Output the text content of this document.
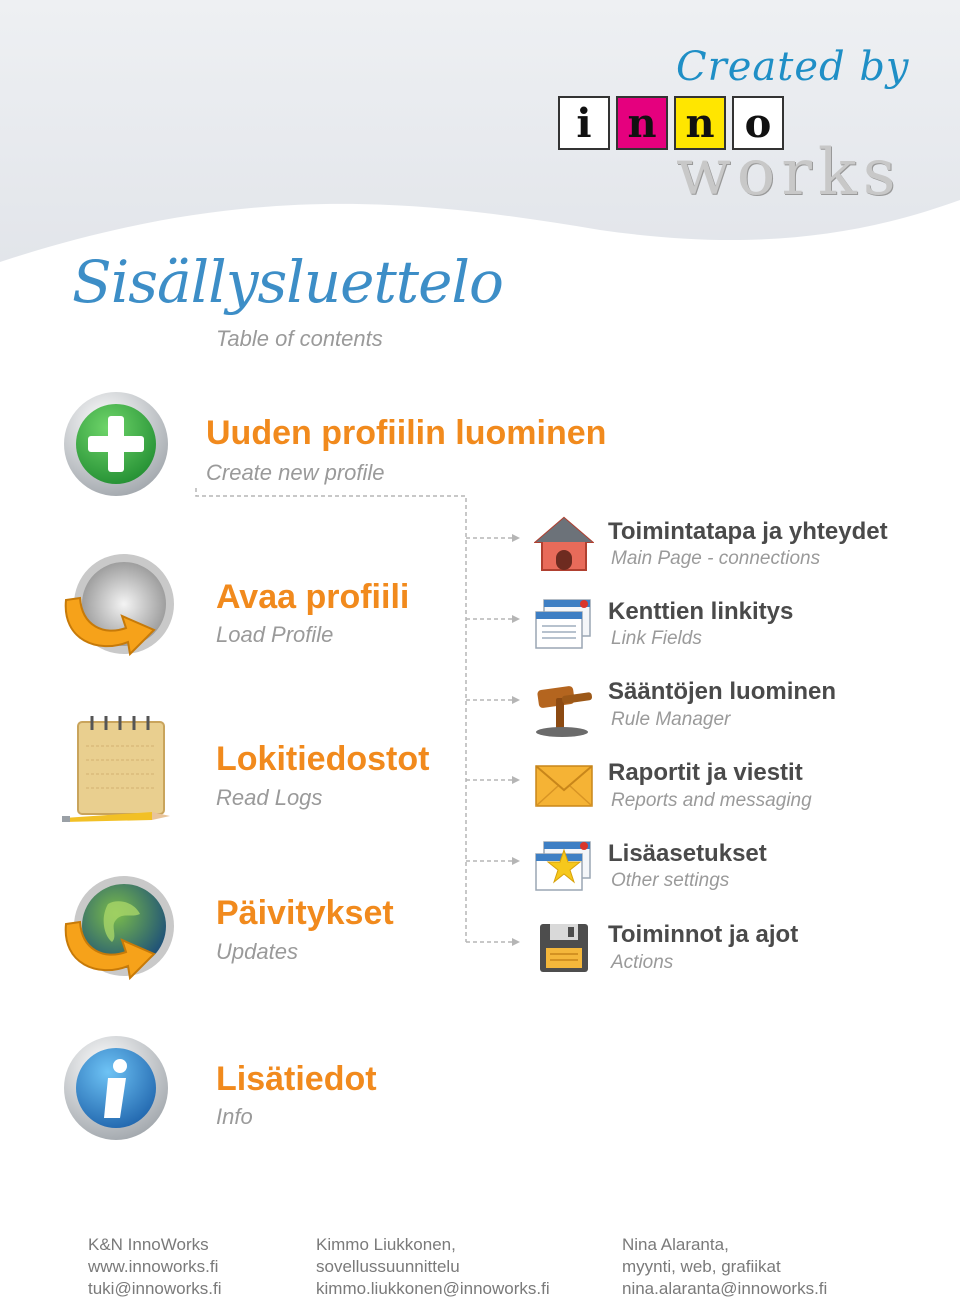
Created by
i n n o
works
Sisällysluettelo
Table of contents
Uuden profiilin luominen
Create new profile
Avaa profiili
Load Profile
Lokitiedostot
Read Logs
Päivitykset
Updates
Lisätiedot
Info
Toimintatapa ja yhteydet
Main Page - connections
Kenttien linkitys
Link Fields
Sääntöjen luominen
Rule Manager
Raportit ja viestit
Reports and messaging
Lisäasetukset
Other settings
Toiminnot ja ajot
Actions
K&N InnoWorks
www.innoworks.fi
tuki@innoworks.fi
Kimmo Liukkonen,
sovellussuunnittelu
kimmo.liukkonen@innoworks.fi
Nina Alaranta,
myynti, web, grafiikat
nina.alaranta@innoworks.fi
